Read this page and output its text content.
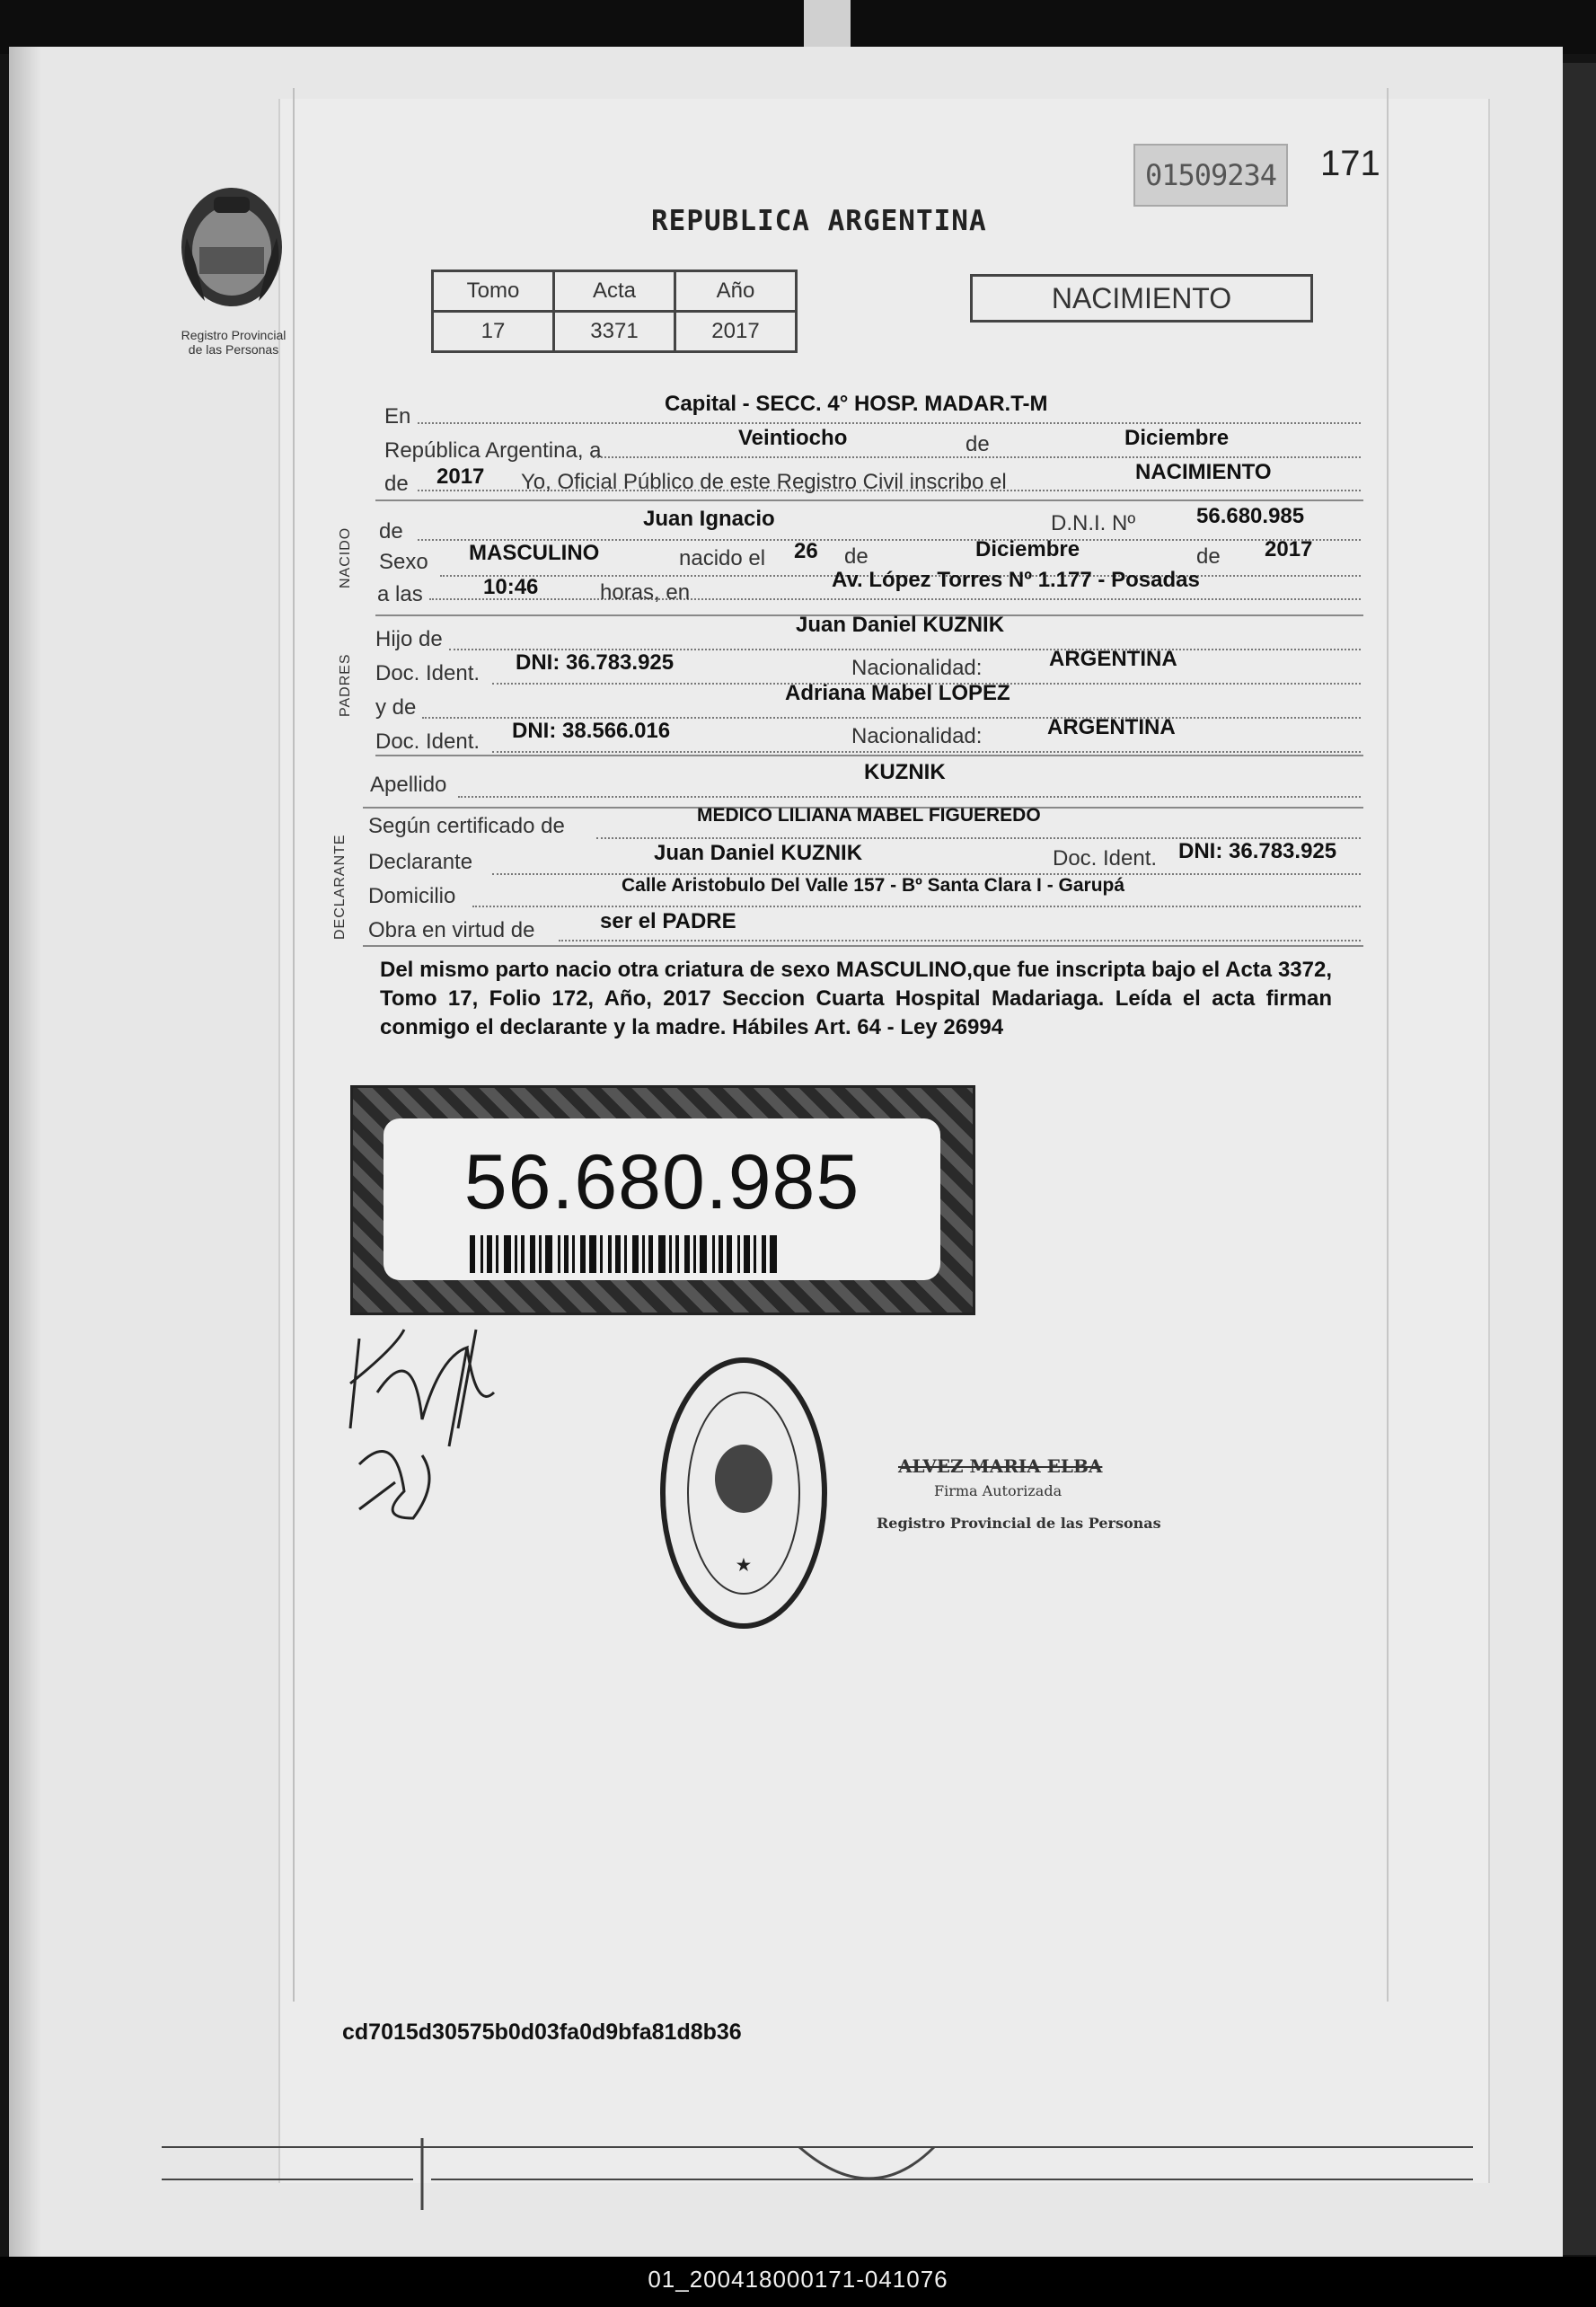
Registro Provincial
de las Personas
01509234	171
REPUBLICA ARGENTINA
Tomo	Acta	Año
17	3371	2017
NACIMIENTO
En
Capital - SECC. 4° HOSP. MADAR.T-M
República Argentina, a
Veintiocho	de	Diciembre
de 2017 Yo, Oficial Público de este Registro Civil inscribo el	NACIMIENTO
NACIDO de
Juan Ignacio	D.N.I. Nº	56.680.985
Sexo MASCULINO	nacido el 26 de	Diciembre	de 2017
a las	10:46	horas, en
Av. López Torres Nº 1.177 - Posadas
PADRES
Hijo de
Juan Daniel KUZNIK
Doc. Ident. DNI: 36.783.925	Nacionalidad:	ARGENTINA
y de
Adriana Mabel LOPEZ
Doc. Ident. DNI: 38.566.016	Nacionalidad:	ARGENTINA
Apellido
KUZNIK
DECLARANTE
Según certificado de	MEDICO LILIANA MABEL FIGUEREDO
Declarante	Juan Daniel KUZNIK	Doc. Ident. DNI: 36.783.925
Domicilio	Calle Aristobulo Del Valle 157 - Bº Santa Clara I - Garupá
Obra en virtud de	ser el PADRE
Del mismo parto nacio otra criatura de sexo MASCULINO,que fue inscripta bajo el Acta 3372, Tomo 17, Folio 172, Año, 2017 Seccion Cuarta Hospital Madariaga. Leída el acta firman conmigo el declarante y la madre. Hábiles Art. 64 - Ley 26994
56.680.985
★
ALVEZ MARIA ELBA
Firma Autorizada
Registro Provincial de las Personas
cd7015d30575b0d03fa0d9bfa81d8b36
01_200418000171-041076
